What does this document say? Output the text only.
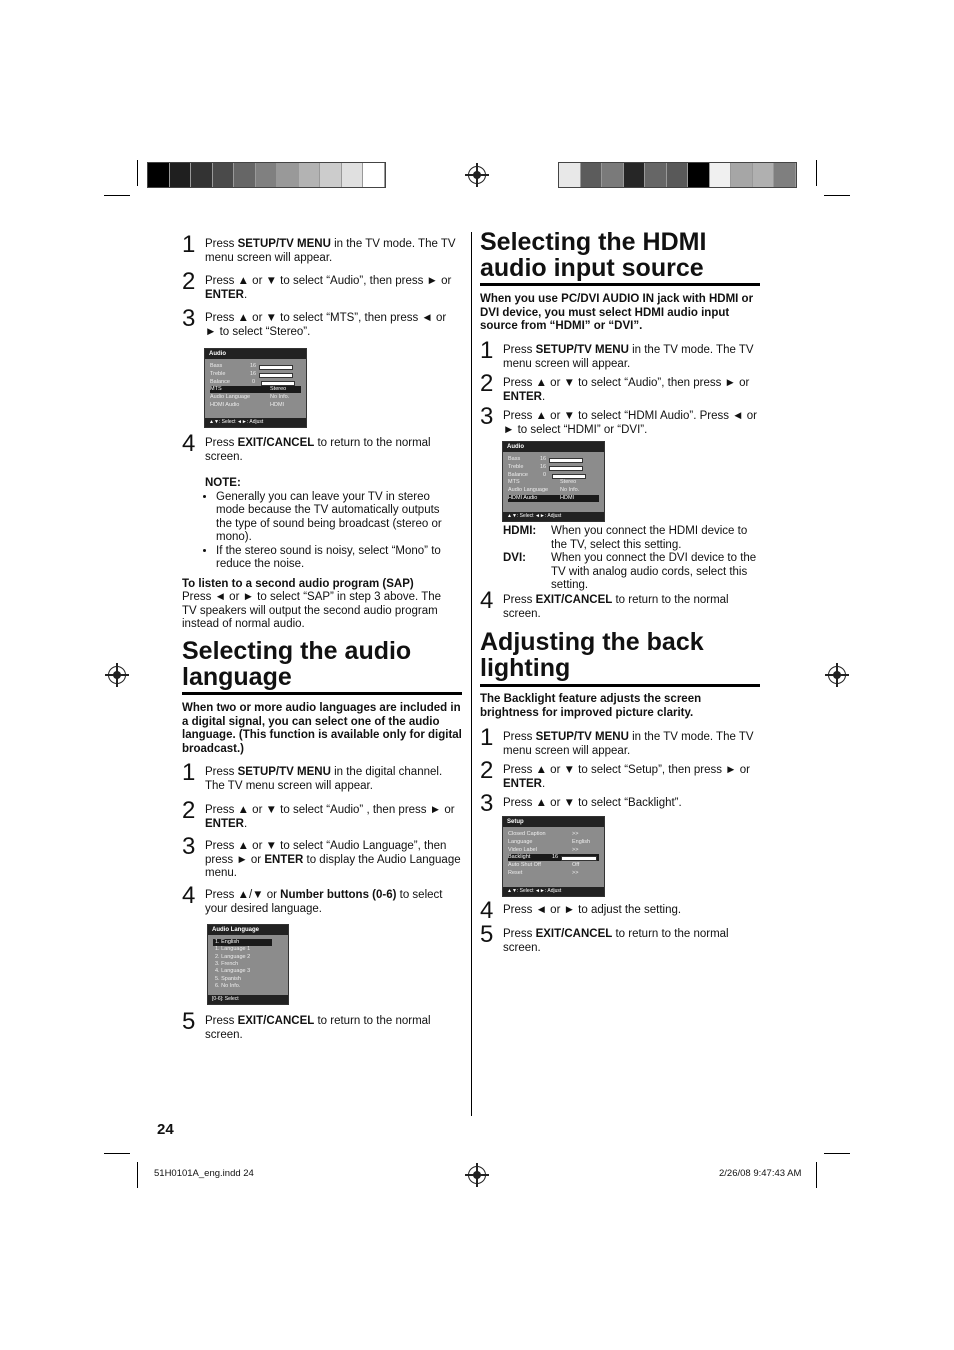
1 Press SETUP/TV MENU in the TV mode. The TV menu screen will appear.
2 Press ▲ or ▼ to select “Audio”, then press ► or ENTER.
3 Press ▲ or ▼ to select “MTS”, then press ◄ or ► to select “Stereo”.
4 Press EXIT/CANCEL to return to the normal screen.
Audio
Bass	16
Treble	16
Balance	0
MTS	Stereo
Audio Language	No Info.
HDMI Audio	HDMI
▲▼: Select ◄►: Adjust
NOTE:
• Generally you can leave your TV in stereo mode because the TV automatically outputs the type of sound being broadcast (stereo or mono).
• If the stereo sound is noisy, select “Mono” to reduce the noise.
To listen to a second audio program (SAP)
Press ◄ or ► to select “SAP” in step 3 above. The TV speakers will output the second audio program instead of normal audio.
Selecting the audio language
When two or more audio languages are included in a digital signal, you can select one of the audio language. (This function is available only for digital broadcast.)
1 Press SETUP/TV MENU in the digital channel. The TV menu screen will appear.
2 Press ▲ or ▼ to select “Audio” , then press ► or ENTER.
3 Press ▲ or ▼ to select “Audio Language”, then press ► or ENTER to display the Audio Language menu.
4 Press ▲/▼ or Number buttons (0-6) to select your desired language.
5 Press EXIT/CANCEL to return to the normal screen.
Audio Language
1. English
1. Language 1
2. Language 2
3. French
4. Language 3
5. Spanish
6. No Info.
[0-6]: Select
Selecting the HDMI audio input source
When you use PC/DVI AUDIO IN jack with HDMI or DVI device, you must select HDMI audio input source from “HDMI” or “DVI”.
1 Press SETUP/TV MENU in the TV mode. The TV menu screen will appear.
2 Press ▲ or ▼ to select “Audio”, then press ► or ENTER.
3 Press ▲ or ▼ to select “HDMI Audio”. Press ◄ or ► to select “HDMI” or “DVI”.
4 Press EXIT/CANCEL to return to the normal screen.
Audio
Bass	16
Treble	16
Balance	0
MTS	Stereo
Audio Language No Info.
HDMI Audio	HDMI
▲▼: Select ◄►: Adjust
HDMI: When you connect the HDMI device to the TV, select this setting.
DVI: When you connect the DVI device to the TV with analog audio cords, select this setting.
Adjusting the back lighting
The Backlight feature adjusts the screen brightness for improved picture clarity.
1 Press SETUP/TV MENU in the TV mode. The TV menu screen will appear.
2 Press ▲ or ▼ to select “Setup”, then press ► or ENTER.
3 Press ▲ or ▼ to select “Backlight”.
4 Press ◄ or ► to adjust the setting.
5 Press EXIT/CANCEL to return to the normal screen.
Setup
Closed Caption	>>
Language	English
Video Label	>>
Backlight	16
Auto Shut Off	Off
Reset	>>
▲▼: Select ◄►: Adjust
24
51H0101A_eng.indd 24	2/26/08 9:47:43 AM
